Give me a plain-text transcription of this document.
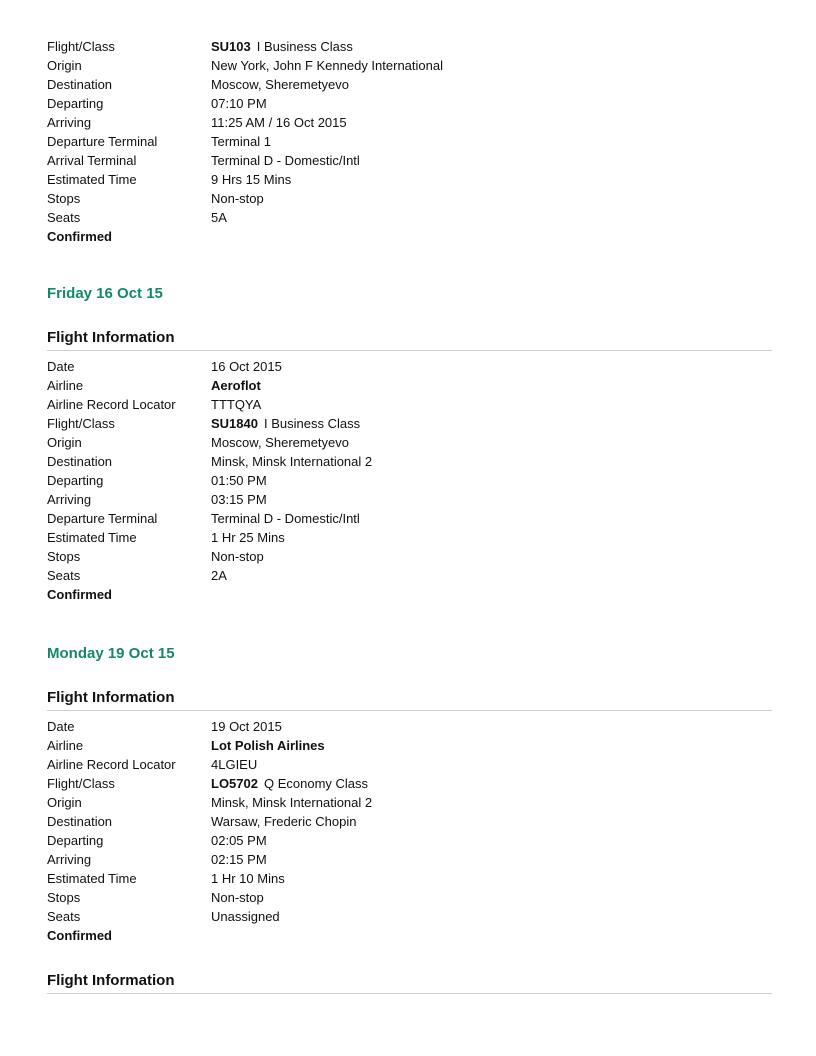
Flight/Class	SU103 I Business Class
Origin	New York, John F Kennedy International
Destination	Moscow, Sheremetyevo
Departing	07:10 PM
Arriving	11:25 AM / 16 Oct 2015
Departure Terminal	Terminal 1
Arrival Terminal	Terminal D - Domestic/Intl
Estimated Time	9 Hrs 15 Mins
Stops	Non-stop
Seats	5A
Confirmed
Friday 16 Oct 15
Flight Information
Date	16 Oct 2015
Airline	Aeroflot
Airline Record Locator	TTTQYA
Flight/Class	SU1840 I Business Class
Origin	Moscow, Sheremetyevo
Destination	Minsk, Minsk International 2
Departing	01:50 PM
Arriving	03:15 PM
Departure Terminal	Terminal D - Domestic/Intl
Estimated Time	1 Hr 25 Mins
Stops	Non-stop
Seats	2A
Confirmed
Monday 19 Oct 15
Flight Information
Date	19 Oct 2015
Airline	Lot Polish Airlines
Airline Record Locator	4LGIEU
Flight/Class	LO5702 Q Economy Class
Origin	Minsk, Minsk International 2
Destination	Warsaw, Frederic Chopin
Departing	02:05 PM
Arriving	02:15 PM
Estimated Time	1 Hr 10 Mins
Stops	Non-stop
Seats	Unassigned
Confirmed
Flight Information
